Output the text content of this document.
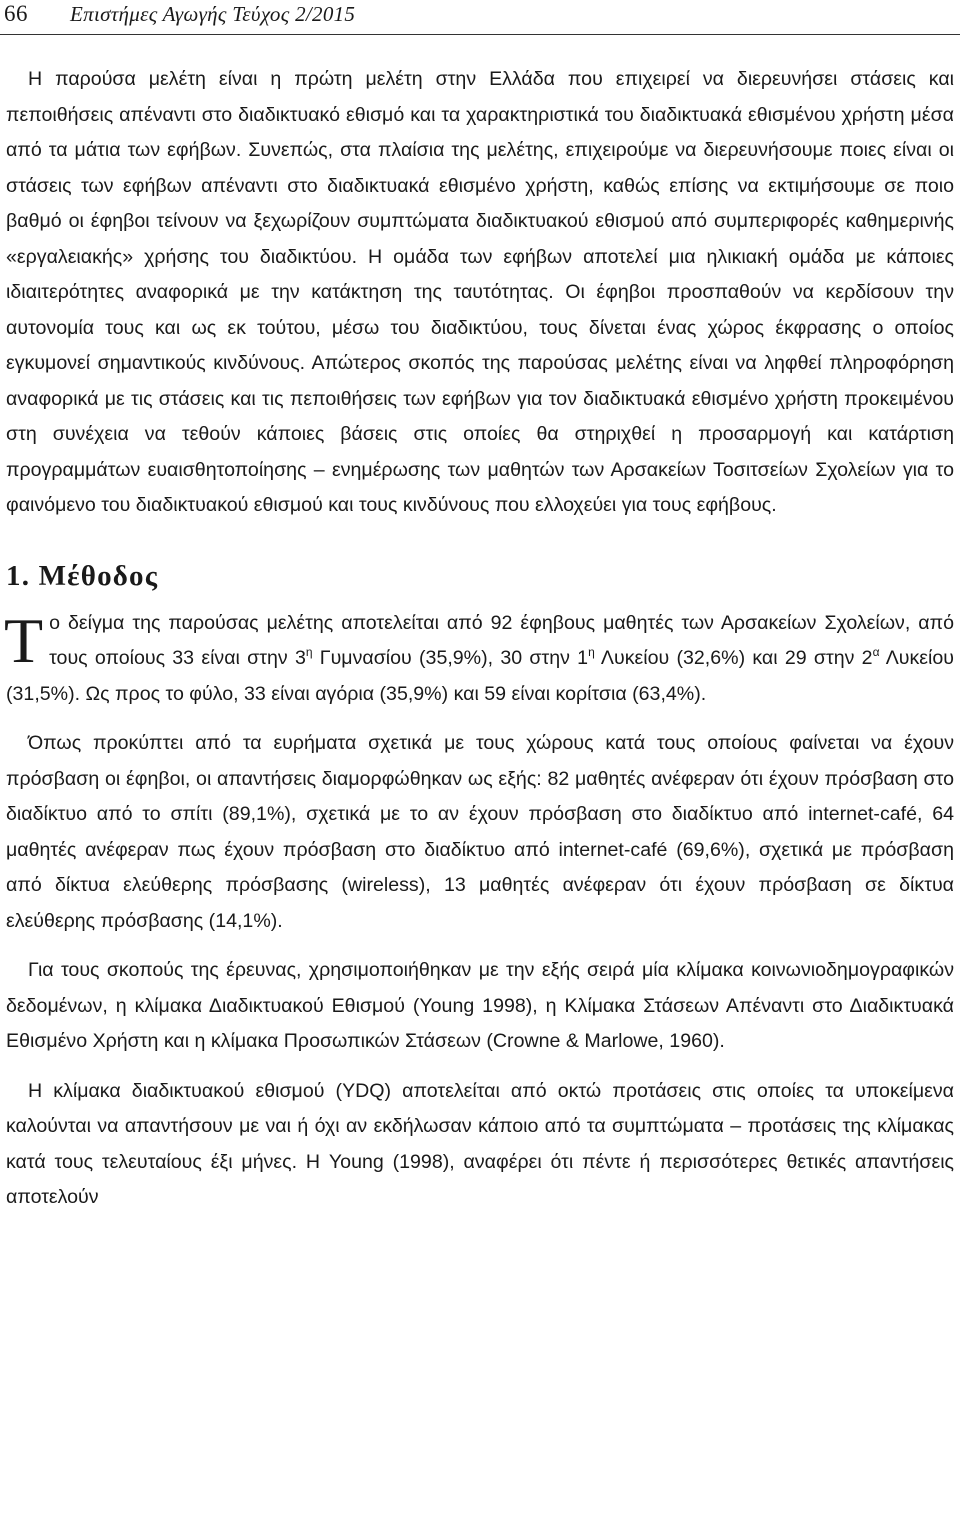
66 Επιστήμες Αγωγής Τεύχος 2/2015

Η παρούσα μελέτη είναι η πρώτη μελέτη στην Ελλάδα που επιχειρεί να διερευνήσει στάσεις και πεποιθήσεις απέναντι στο διαδικτυακό εθισμό και τα χαρακτηριστικά του διαδικτυακά εθισμένου χρήστη μέσα από τα μάτια των εφήβων. Συνεπώς, στα πλαίσια της μελέτης, επιχειρούμε να διερευνήσουμε ποιες είναι οι στάσεις των εφήβων απέναντι στο διαδικτυακά εθισμένο χρήστη, καθώς επίσης να εκτιμήσουμε σε ποιο βαθμό οι έφηβοι τείνουν να ξεχωρίζουν συμπτώματα διαδικτυακού εθισμού από συμπεριφορές καθημερινής «εργαλειακής» χρήσης του διαδικτύου. Η ομάδα των εφήβων αποτελεί μια ηλικιακή ομάδα με κάποιες ιδιαιτερότητες αναφορικά με την κατάκτηση της ταυτότητας. Οι έφηβοι προσπαθούν να κερδίσουν την αυτονομία τους και ως εκ τούτου, μέσω του διαδικτύου, τους δίνεται ένας χώρος έκφρασης ο οποίος εγκυμονεί σημαντικούς κινδύνους. Απώτερος σκοπός της παρούσας μελέτης είναι να ληφθεί πληροφόρηση αναφορικά με τις στάσεις και τις πεποιθήσεις των εφήβων για τον διαδικτυακά εθισμένο χρήστη προκειμένου στη συνέχεια να τεθούν κάποιες βάσεις στις οποίες θα στηριχθεί η προσαρμογή και κατάρτιση προγραμμάτων ευαισθητοποίησης – ενημέρωσης των μαθητών των Αρσακείων Τοσιτσείων Σχολείων για το φαινόμενο του διαδικτυακού εθισμού και τους κινδύνους που ελλοχεύει για τους εφήβους.

1. Μέθοδος

Το δείγμα της παρούσας μελέτης αποτελείται από 92 έφηβους μαθητές των Αρσακείων Σχολείων, από τους οποίους 33 είναι στην $3^\eta$ Γυμνασίου (35,9%), 30 στην $1^\eta$ Λυκείου (32,6%) και 29 στην $2^\alpha$ Λυκείου (31,5%). Ως προς το φύλο, 33 είναι αγόρια (35,9%) και 59 είναι κορίτσια (63,4%).

Όπως προκύπτει από τα ευρήματα σχετικά με τους χώρους κατά τους οποίους φαίνεται να έχουν πρόσβαση οι έφηβοι, οι απαντήσεις διαμορφώθηκαν ως εξής: 82 μαθητές ανέφεραν ότι έχουν πρόσβαση στο διαδίκτυο από το σπίτι (89,1%), σχετικά με το αν έχουν πρόσβαση στο διαδίκτυο από internet-café, 64 μαθητές ανέφεραν πως έχουν πρόσβαση στο διαδίκτυο από internet-café (69,6%), σχετικά με πρόσβαση από δίκτυα ελεύθερης πρόσβασης (wireless), 13 μαθητές ανέφεραν ότι έχουν πρόσβαση σε δίκτυα ελεύθερης πρόσβασης (14,1%).

Για τους σκοπούς της έρευνας, χρησιμοποιήθηκαν με την εξής σειρά μία κλίμακα κοινωνιοδημογραφικών δεδομένων, η κλίμακα Διαδικτυακού Εθισμού (Young 1998), η Κλίμακα Στάσεων Απέναντι στο Διαδικτυακά Εθισμένο Χρήστη και η κλίμακα Προσωπικών Στάσεων (Crowne & Marlowe, 1960).

Η κλίμακα διαδικτυακού εθισμού (YDQ) αποτελείται από οκτώ προτάσεις στις οποίες τα υποκείμενα καλούνται να απαντήσουν με ναι ή όχι αν εκδήλωσαν κάποιο από τα συμπτώματα – προτάσεις της κλίμακας κατά τους τελευταίους έξι μήνες. Η Young (1998), αναφέρει ότι πέντε ή περισσότερες θετικές απαντήσεις αποτελούν
